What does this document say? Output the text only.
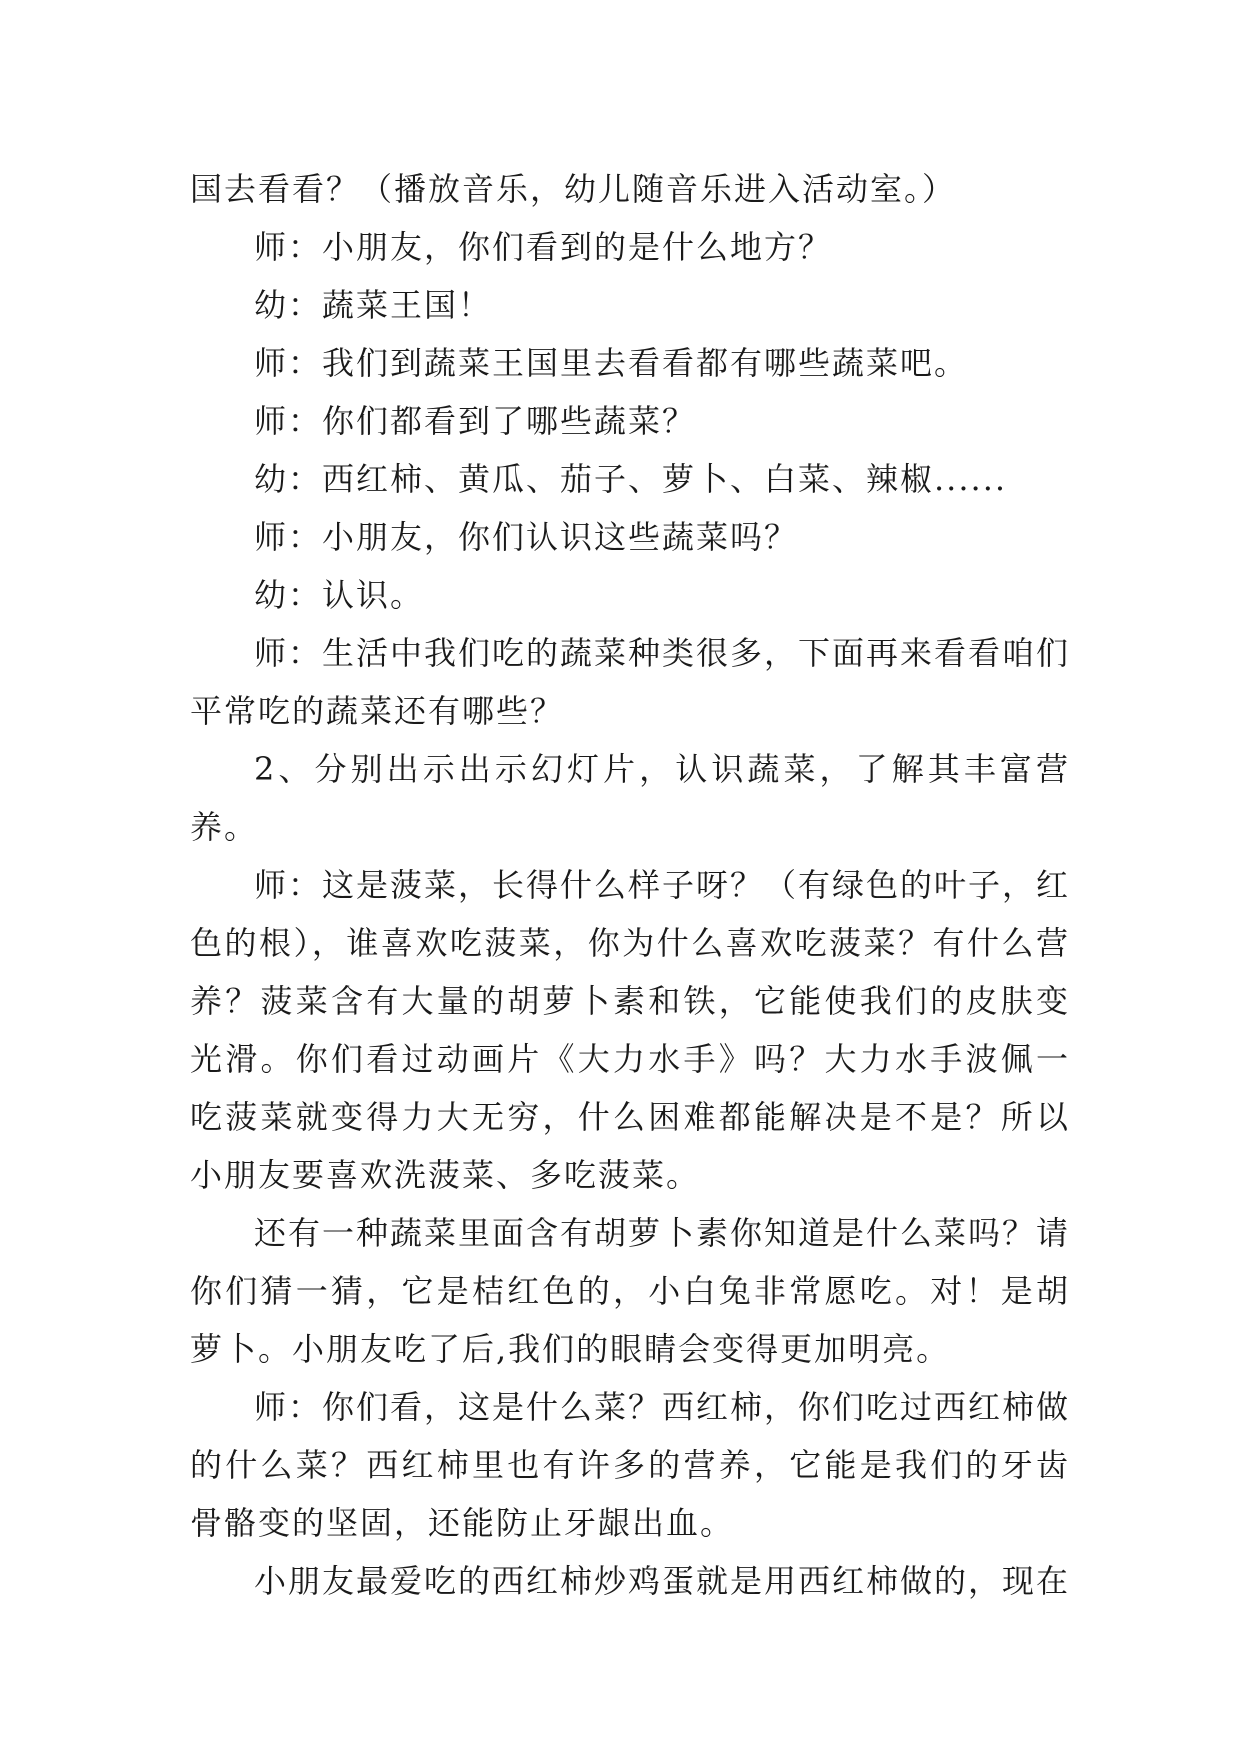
国去看看？（播放音乐，幼儿随音乐进入活动室。）

师：小朋友，你们看到的是什么地方？

幼：蔬菜王国！

师：我们到蔬菜王国里去看看都有哪些蔬菜吧。

师：你们都看到了哪些蔬菜？

幼：西红柿、黄瓜、茄子、萝卜、白菜、辣椒......

师：小朋友，你们认识这些蔬菜吗？

幼：认识。

师：生活中我们吃的蔬菜种类很多，下面再来看看咱们平常吃的蔬菜还有哪些？

2、分别出示出示幻灯片，认识蔬菜，了解其丰富营养。

师：这是菠菜，长得什么样子呀？（有绿色的叶子，红色的根），谁喜欢吃菠菜，你为什么喜欢吃菠菜？有什么营养？菠菜含有大量的胡萝卜素和铁，它能使我们的皮肤变光滑。你们看过动画片《大力水手》吗？大力水手波佩一吃菠菜就变得力大无穷，什么困难都能解决是不是？所以小朋友要喜欢洗菠菜、多吃菠菜。

还有一种蔬菜里面含有胡萝卜素你知道是什么菜吗？请你们猜一猜，它是桔红色的，小白兔非常愿吃。对！是胡萝卜。小朋友吃了后,我们的眼睛会变得更加明亮。

师：你们看，这是什么菜？西红柿，你们吃过西红柿做的什么菜？西红柿里也有许多的营养，它能是我们的牙齿骨骼变的坚固，还能防止牙龈出血。

小朋友最爱吃的西红柿炒鸡蛋就是用西红柿做的，现在
